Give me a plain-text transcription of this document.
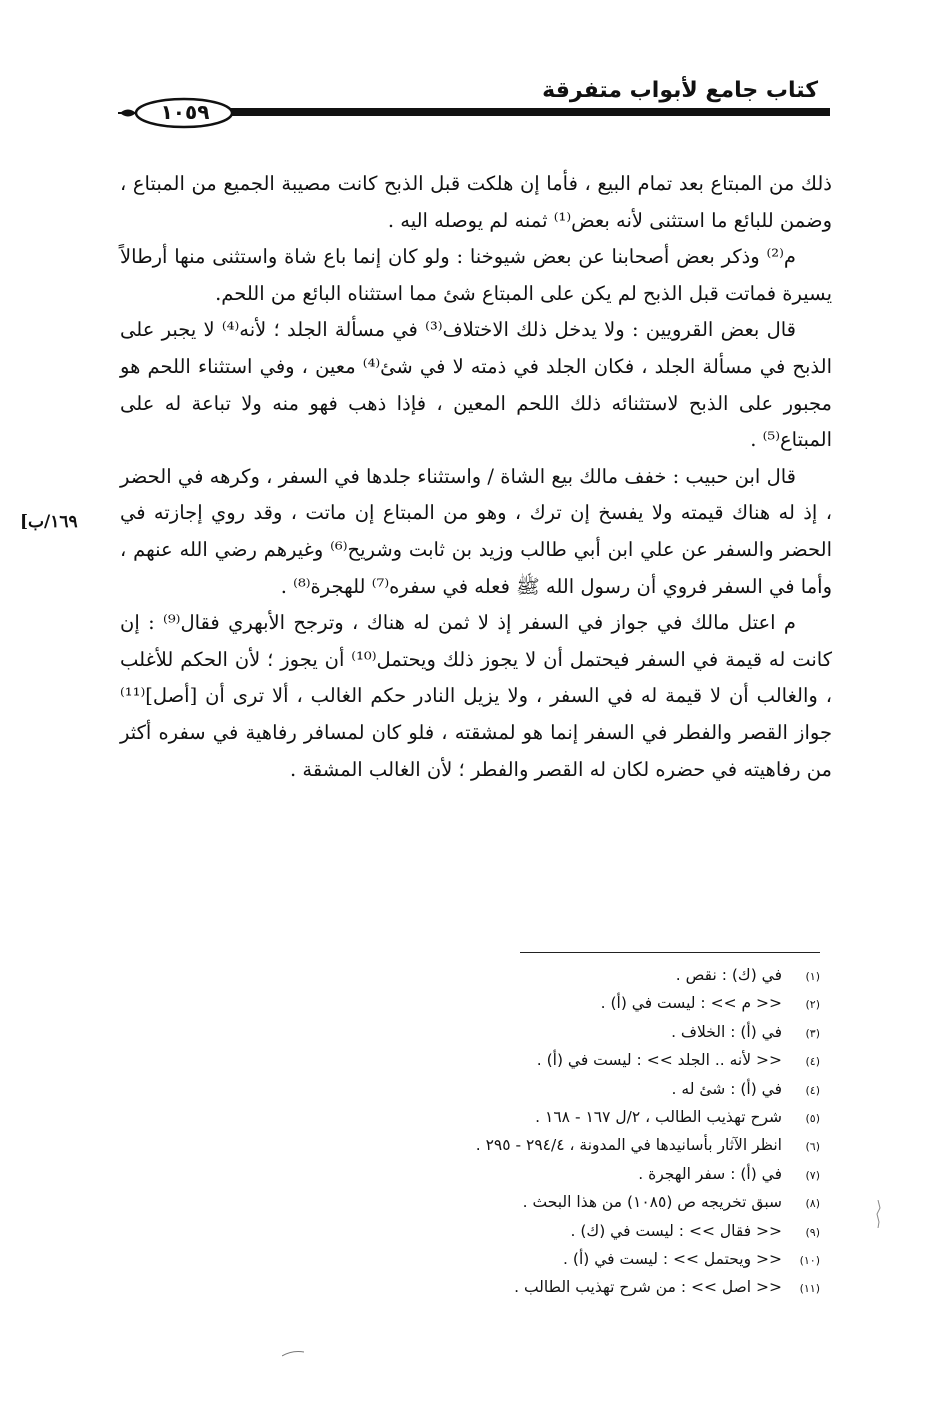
كتاب جامع لأبواب متفرقة
١٠٥٩

ذلك من المبتاع بعد تمام البيع ، فأما إن هلكت قبل الذبح كانت مصيبة الجميع من المبتاع ، وضمن للبائع ما استثنى لأنه بعض⁽¹⁾ ثمنه لم يوصله اليه .

م⁽²⁾ وذكر بعض أصحابنا عن بعض شيوخنا : ولو كان إنما باع شاة واستثنى منها أرطالاً يسيرة فماتت قبل الذبح لم يكن على المبتاع شئ مما استثناه البائع من اللحم.

قال بعض القرويين : ولا يدخل ذلك الاختلاف⁽³⁾ في مسألة الجلد ؛ لأنه⁽⁴⁾ لا يجبر على الذبح في مسألة الجلد ، فكان الجلد في ذمته لا في شئ⁽⁴⁾ معين ، وفي استثناء اللحم هو مجبور على الذبح لاستثنائه ذلك اللحم المعين ، فإذا ذهب فهو منه ولا تباعة له على المبتاع⁽⁵⁾ .

قال ابن حبيب : خفف مالك بيع الشاة / واستثناء جلدها في السفر ، وكرهه في الحضر ، إذ له هناك قيمته ولا يفسخ إن ترك ، وهو من المبتاع إن ماتت ، وقد روي إجازته في الحضر والسفر عن علي ابن أبي طالب وزيد بن ثابت وشريح⁽⁶⁾ وغيرهم رضي الله عنهم ، وأما في السفر فروي أن رسول الله ﷺ فعله في سفره⁽⁷⁾ للهجرة⁽⁸⁾ .

م اعتل مالك في جواز في السفر إذ لا ثمن له هناك ، وترجح الأبهري فقال⁽⁹⁾ : إن كانت له قيمة في السفر فيحتمل أن لا يجوز ذلك ويحتمل⁽¹⁰⁾ أن يجوز ؛ لأن الحكم للأغلب ، والغالب أن لا قيمة له في السفر ، ولا يزيل النادر حكم الغالب ، ألا ترى أن [أصل]⁽¹¹⁾ جواز القصر والفطر في السفر إنما هو لمشقته ، فلو كان لمسافر رفاهية في سفره أكثر من رفاهيته في حضره لكان له القصر والفطر ؛ لأن الغالب المشقة .

[١٦٩/ب
(١)
في (ك) : نقص .
(٢)
<< م >> : ليست في (أ) .
(٣)
في (أ) : الخلاف .
(٤)
<< لأنه .. الجلد >> : ليست في (أ) .
(٤)
في (أ) : شئ له .
(٥)
شرح تهذيب الطالب ، ٢/ل ١٦٧ - ١٦٨ .
(٦)
انظر الآثار بأسانيدها في المدونة ، ٢٩٤/٤ - ٢٩٥ .
(٧)
في (أ) : سفر الهجرة .
(٨)
سبق تخريجه ص (١٠٨٥) من هذا البحث .
(٩)
<< فقال >> : ليست في (ك) .
(١٠)
<< ويحتمل >> : ليست في (أ) .
(١١)
<< اصل >> : من شرح تهذيب الطالب .
